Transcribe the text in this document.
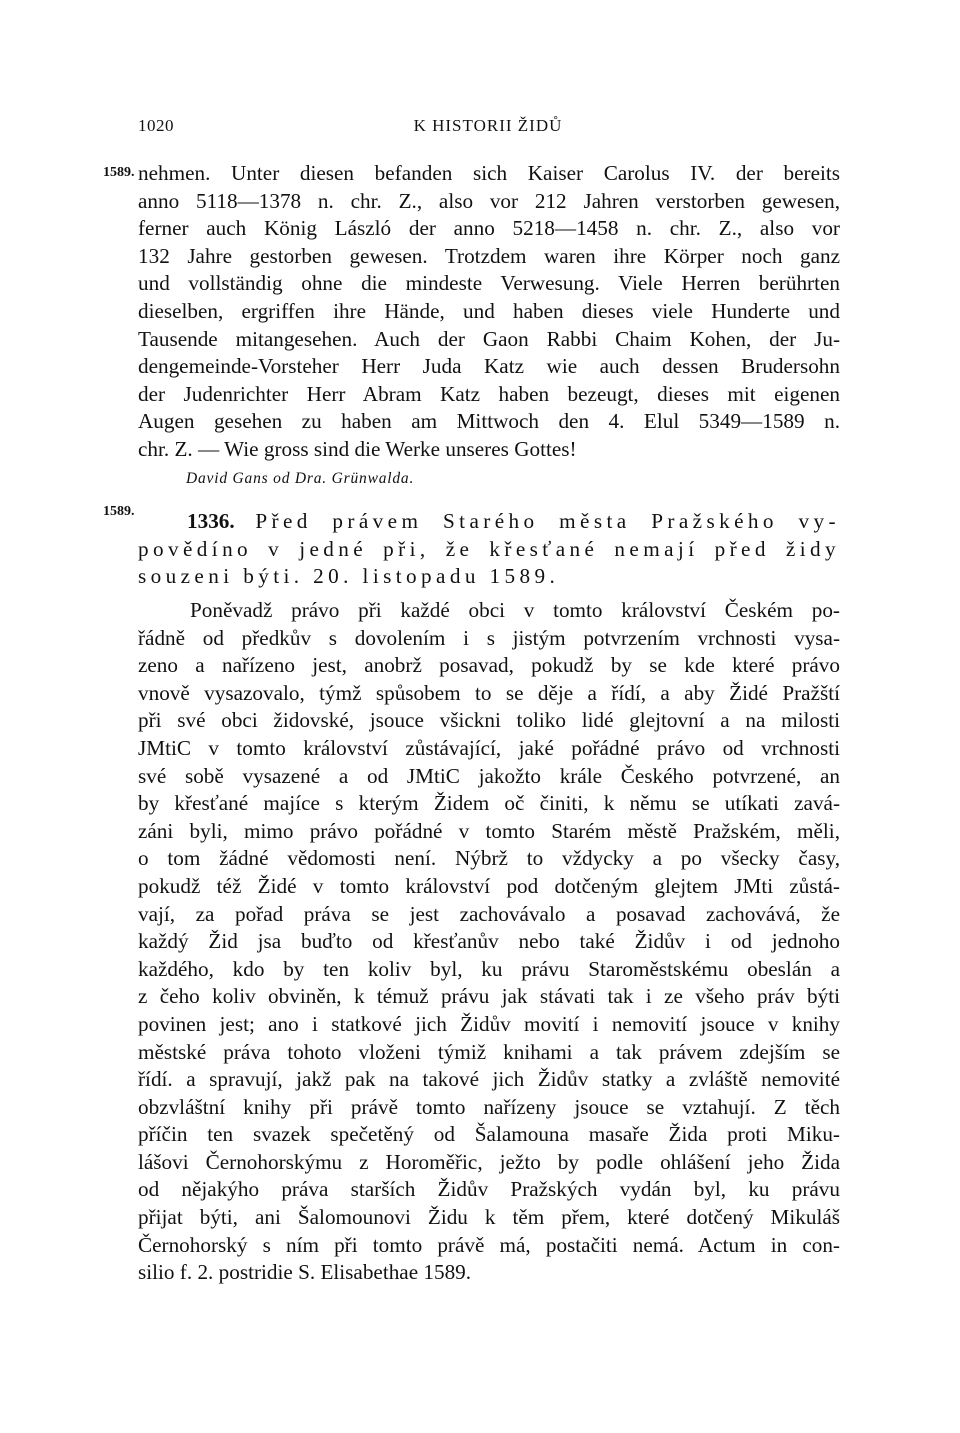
1020	K HISTORII ŽIDŮ
1589. nehmen. Unter diesen befanden sich Kaiser Carolus IV. der bereits
anno 5118—1378 n. chr. Z., also vor 212 Jahren verstorben gewesen,
ferner auch König László der anno 5218—1458 n. chr. Z., also vor
132 Jahre gestorben gewesen. Trotzdem waren ihre Körper noch ganz
und vollständig ohne die mindeste Verwesung. Viele Herren berührten
dieselben, ergriffen ihre Hände, und haben dieses viele Hunderte und
Tausende mitangesehen. Auch der Gaon Rabbi Chaim Kohen, der Ju-
dengemeinde-Vorsteher Herr Juda Katz wie auch dessen Brudersohn
der Judenrichter Herr Abram Katz haben bezeugt, dieses mit eigenen
Augen gesehen zu haben am Mittwoch den 4. Elul 5349—1589 n.
chr. Z. — Wie gross sind die Werke unseres Gottes!
David Gans od Dra. Grünwalda.
1589.	1336. Před právem Starého města Pražského vy-
povědíno v jedné při, že křesťané nemají před židy
souzeni býti. 20. listopadu 1589.
Poněvadž právo při každé obci v tomto království Českém po-
řádně od předkův s dovolením i s jistým potvrzením vrchnosti vysa-
zeno a nařízeno jest, anobrž posavad, pokudž by se kde které právo
vnově vysazovalo, týmž spůsobem to se děje a řídí, a aby Židé Pražští
při své obci židovské, jsouce všickni toliko lidé glejtovní a na milosti
JMtiC v tomto království zůstávající, jaké pořádné právo od vrchnosti
své sobě vysazené a od JMtiC jakožto krále Českého potvrzené, an
by křesťané majíce s kterým Židem oč činiti, k němu se utíkati zavá-
záni byli, mimo právo pořádné v tomto Starém městě Pražském, měli,
o tom žádné vědomosti není. Nýbrž to vždycky a po všecky časy,
pokudž též Židé v tomto království pod dotčeným glejtem JMti zůstá-
vají, za pořad práva se jest zachovávalo a posavad zachovává, že
každý Žid jsa buďto od křesťanův nebo také Židův i od jednoho
každého, kdo by ten koliv byl, ku právu Staroměstskému obeslán a
z čeho koliv obviněn, k témuž právu jak stávati tak i ze všeho práv býti
povinen jest; ano i statkové jich Židův movití i nemovití jsouce v knihy
městské práva tohoto vloženi týmiž knihami a tak právem zdejším se
řídí. a spravují, jakž pak na takové jich Židův statky a zvláště nemovité
obzvláštní knihy při právě tomto nařízeny jsouce se vztahují. Z těch
příčin ten svazek spečetěný od Šalamouna masaře Žida proti Miku-
lášovi Černohorskýmu z Horoměřic, ježto by podle ohlášení jeho Žida
od nějakýho práva starších Židův Pražských vydán byl, ku právu
přijat býti, ani Šalomounovi Židu k těm přem, které dotčený Mikuláš
Černohorský s ním při tomto právě má, postačiti nemá. Actum in con-
silio f. 2. postridie S. Elisabethae 1589.
